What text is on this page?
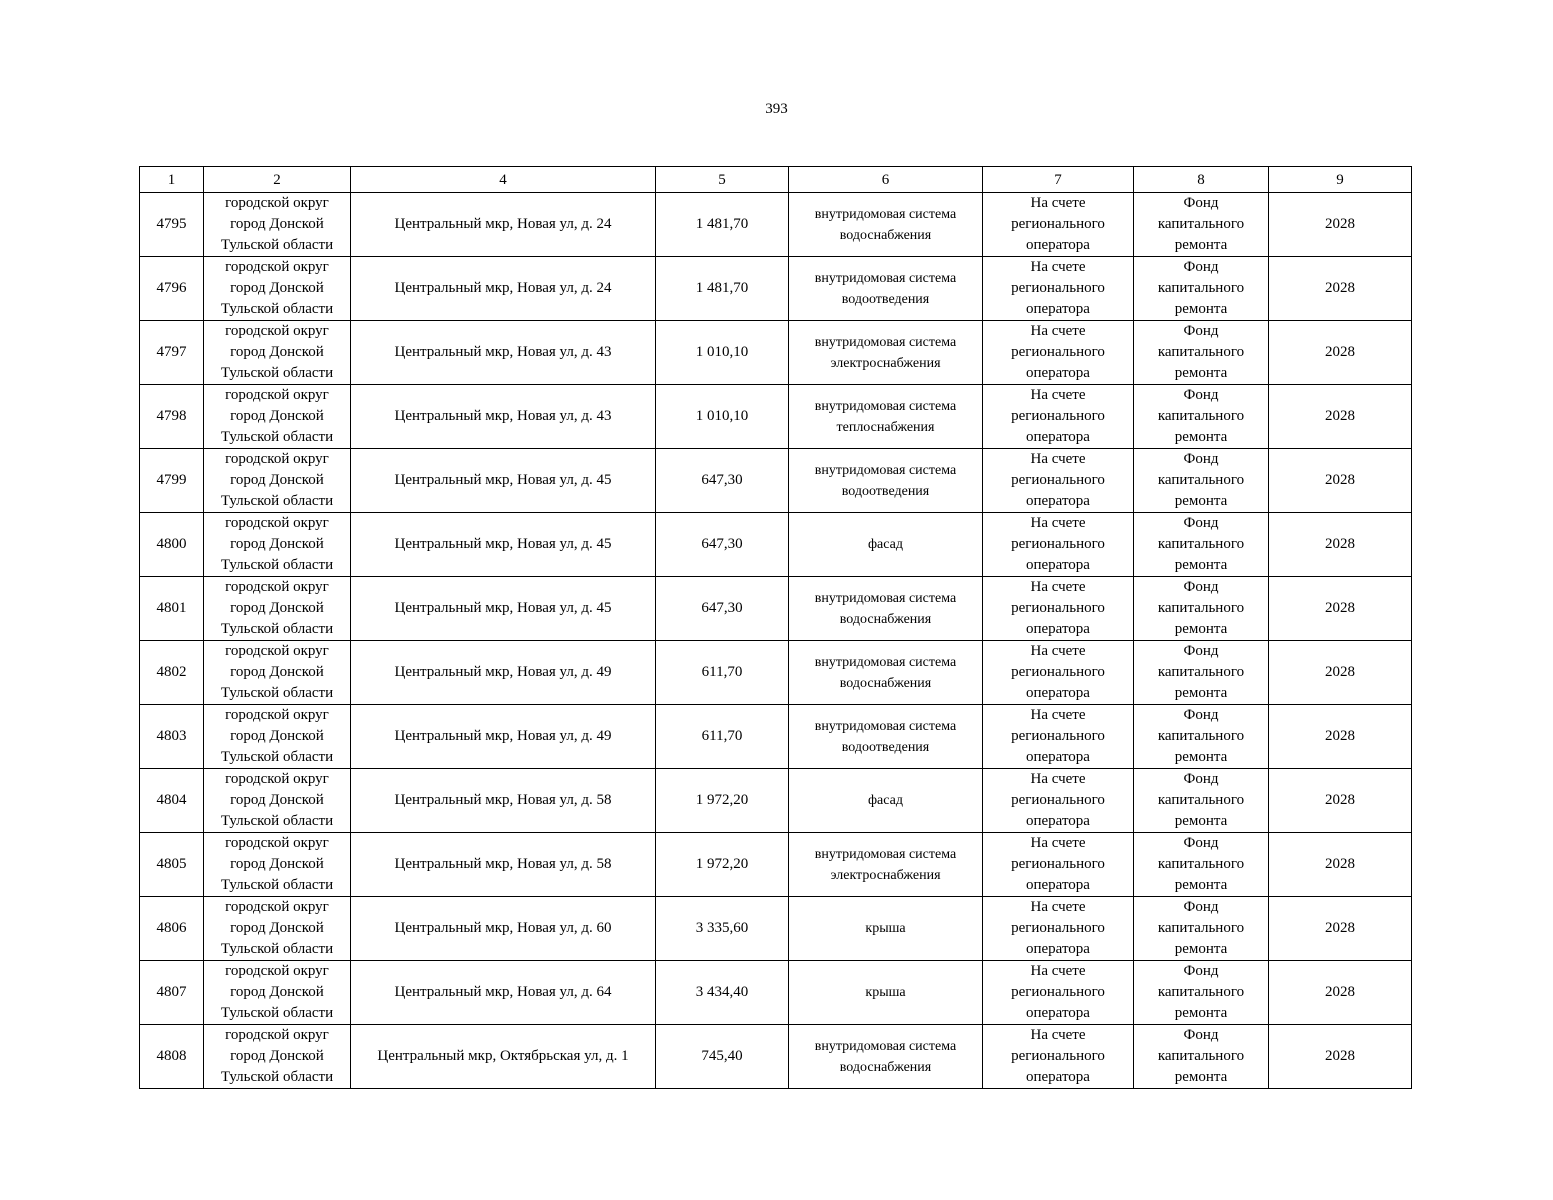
393
1	2	4	5	6	7	8	9
4795	городской округ
город Донской
Тульской области	Центральный мкр, Новая ул, д. 24	1 481,70	внутридомовая система
водоснабжения	На счете
регионального
оператора	Фонд
капитального
ремонта	2028
4796	городской округ
город Донской
Тульской области	Центральный мкр, Новая ул, д. 24	1 481,70	внутридомовая система
водоотведения	На счете
регионального
оператора	Фонд
капитального
ремонта	2028
4797	городской округ
город Донской
Тульской области	Центральный мкр, Новая ул, д. 43	1 010,10	внутридомовая система
электроснабжения	На счете
регионального
оператора	Фонд
капитального
ремонта	2028
4798	городской округ
город Донской
Тульской области	Центральный мкр, Новая ул, д. 43	1 010,10	внутридомовая система
теплоснабжения	На счете
регионального
оператора	Фонд
капитального
ремонта	2028
4799	городской округ
город Донской
Тульской области	Центральный мкр, Новая ул, д. 45	647,30	внутридомовая система
водоотведения	На счете
регионального
оператора	Фонд
капитального
ремонта	2028
4800	городской округ
город Донской
Тульской области	Центральный мкр, Новая ул, д. 45	647,30	фасад	На счете
регионального
оператора	Фонд
капитального
ремонта	2028
4801	городской округ
город Донской
Тульской области	Центральный мкр, Новая ул, д. 45	647,30	внутридомовая система
водоснабжения	На счете
регионального
оператора	Фонд
капитального
ремонта	2028
4802	городской округ
город Донской
Тульской области	Центральный мкр, Новая ул, д. 49	611,70	внутридомовая система
водоснабжения	На счете
регионального
оператора	Фонд
капитального
ремонта	2028
4803	городской округ
город Донской
Тульской области	Центральный мкр, Новая ул, д. 49	611,70	внутридомовая система
водоотведения	На счете
регионального
оператора	Фонд
капитального
ремонта	2028
4804	городской округ
город Донской
Тульской области	Центральный мкр, Новая ул, д. 58	1 972,20	фасад	На счете
регионального
оператора	Фонд
капитального
ремонта	2028
4805	городской округ
город Донской
Тульской области	Центральный мкр, Новая ул, д. 58	1 972,20	внутридомовая система
электроснабжения	На счете
регионального
оператора	Фонд
капитального
ремонта	2028
4806	городской округ
город Донской
Тульской области	Центральный мкр, Новая ул, д. 60	3 335,60	крыша	На счете
регионального
оператора	Фонд
капитального
ремонта	2028
4807	городской округ
город Донской
Тульской области	Центральный мкр, Новая ул, д. 64	3 434,40	крыша	На счете
регионального
оператора	Фонд
капитального
ремонта	2028
4808	городской округ
город Донской
Тульской области	Центральный мкр, Октябрьская ул, д. 1	745,40	внутридомовая система
водоснабжения	На счете
регионального
оператора	Фонд
капитального
ремонта	2028
